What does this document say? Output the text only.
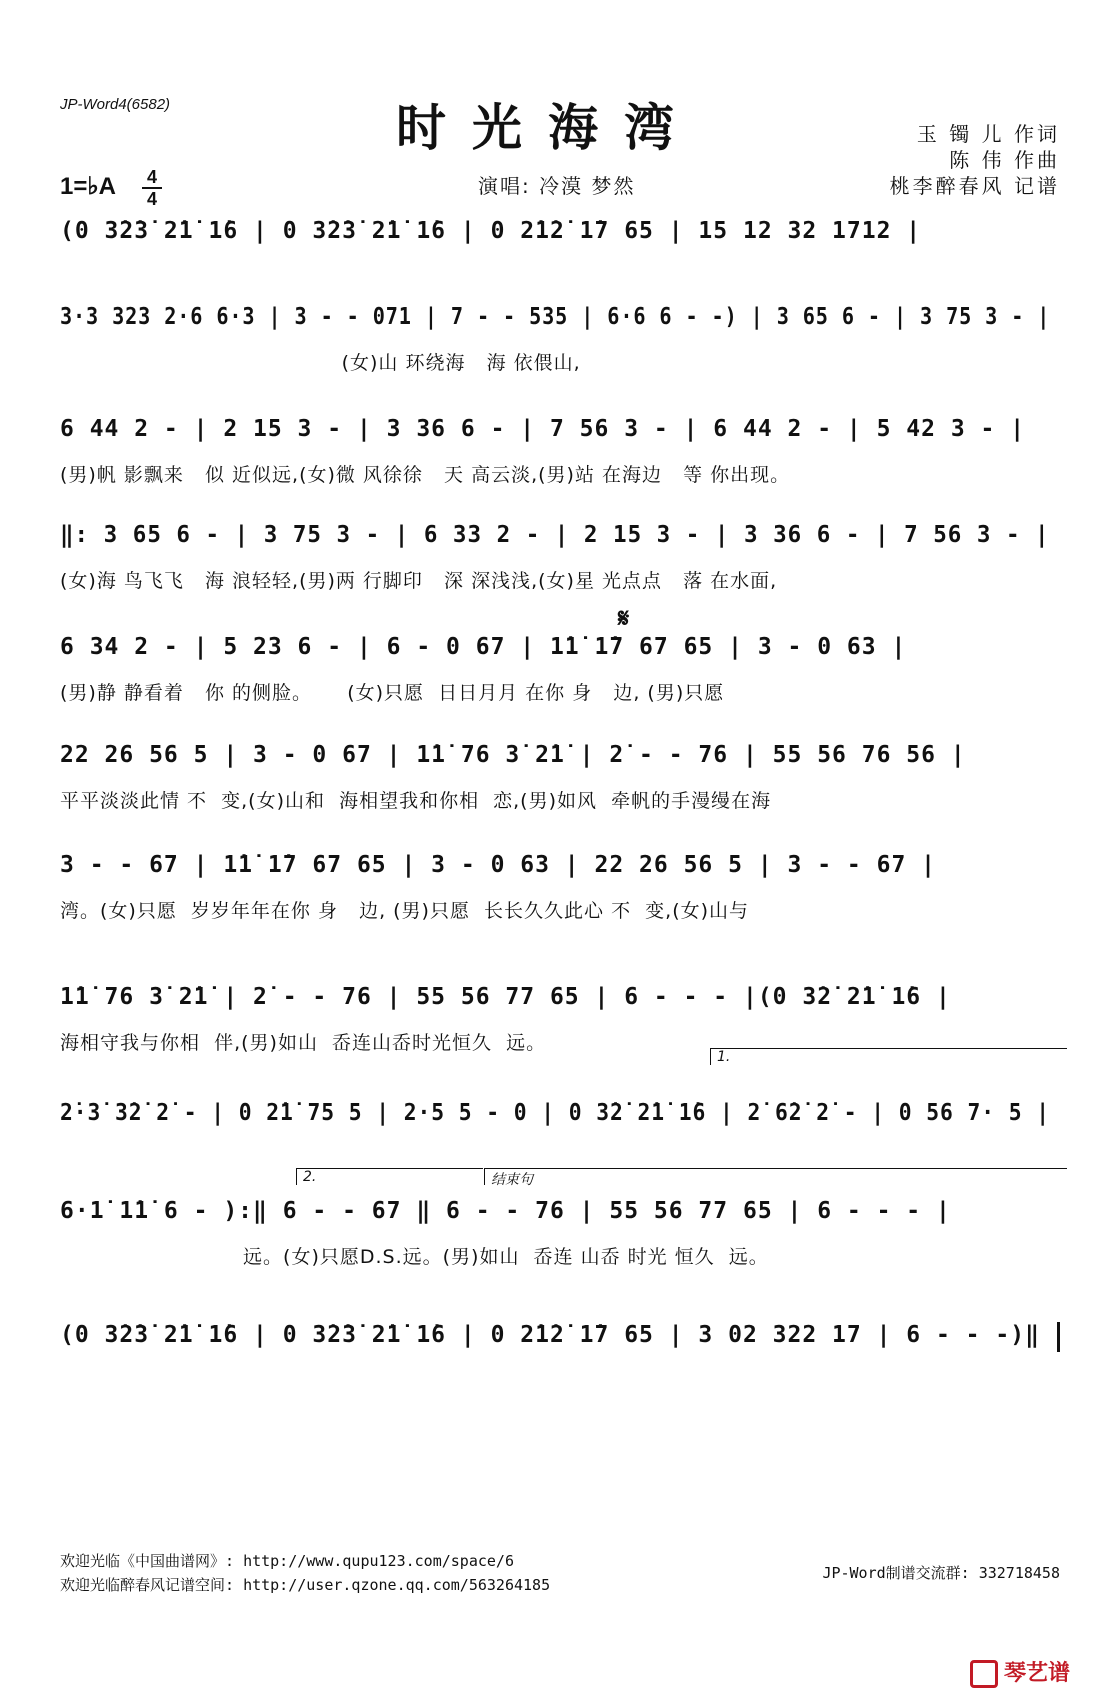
JP-Word4(6582)	时光海湾
演唱: 冷漠 梦然
玉 镯 儿 作词
陈 伟 作曲
桃李醉春风 记谱
1=♭A 4
4
(0 3̇2̇3̇ 2̇1̇ 1̇6 | 0 3̇2̇3̇ 2̇1̇ 1̇6 | 0 2̇1̇2̇ 1̇7 65 | 15 12 32 1712 |
3·3 323 2·6 6·3 | 3 - - 071 | 7 - - 535 | 6·6 6 - -) | 3 65 6 - | 3 75 3 - |
(女)山 环绕海   海 依偎山,
6 44 2 - | 2 15 3 - | 3 36 6 - | 7 56 3 - | 6 44 2 - | 5 42 3 - |
(男)帆 影飘来   似 近似远,(女)微 风徐徐   天 高云淡,(男)站 在海边   等 你出现。
‖: 3 65 6 - | 3 75 3 - | 6 33 2 - | 2 15 3 - | 3 36 6 - | 7 56 3 - |
(女)海 鸟飞飞   海 浪轻轻,(男)两 行脚印   深 深浅浅,(女)星 光点点   落 在水面,
𝄋
6 34 2 - | 5 23 6 - | 6 - 0 67 | 1̇1̇ 1̇7 67 65 | 3 - 0 63 |
(男)静 静看着   你 的侧脸。     (女)只愿  日日月月 在你 身   边, (男)只愿
22 26 56 5 | 3 - 0 67 | 1̇1̇ 76 3̇ 2̇1̇ | 2̇ - - 76 | 55 56 76 56 |
平平淡淡此情 不  变,(女)山和  海相望我和你相  恋,(男)如风  牵帆的手漫缦在海
3 - - 67 | 1̇1̇ 1̇7 67 65 | 3 - 0 63 | 22 26 56 5 | 3 - - 67 |
湾。(女)只愿  岁岁年年在你 身   边, (男)只愿  长长久久此心 不  变,(女)山与
1.
1̇1̇ 76 3̇ 2̇1̇ | 2̇ - - 76 | 55 56 77 65 | 6 - - - |(0 3̇2̇ 2̇1̇ 1̇6 |
海相守我与你相  伴,(男)如山  岙连山岙时光恒久  远。
2̇·3̇ 3̇2̇ 2̇ - | 0 2̇1̇ 75 5 | 2·5 5 - 0 | 0 3̇2̇ 2̇1̇ 1̇6 | 2̇ 6̇2̇ 2̇ - | 0 56 7· 5 |
2.	结束句
6·1̇ 1̇1̇ 6 - ):‖ 6 - - 67 ‖ 6 - - 76 | 55 56 77 65 | 6 - - - |
远。(女)只愿D.S.远。(男)如山  岙连 山岙 时光 恒久  远。
(0 3̇2̇3̇ 2̇1̇ 1̇6 | 0 3̇2̇3̇ 2̇1̇ 1̇6 | 0 2̇1̇2̇ 1̇7 65 | 3 02 322 17 | 6 - - -)‖
欢迎光临《中国曲谱网》: http://www.qupu123.com/space/6
欢迎光临醉春风记谱空间: http://user.qzone.qq.com/563264185
JP-Word制谱交流群: 332718458
琴艺谱
